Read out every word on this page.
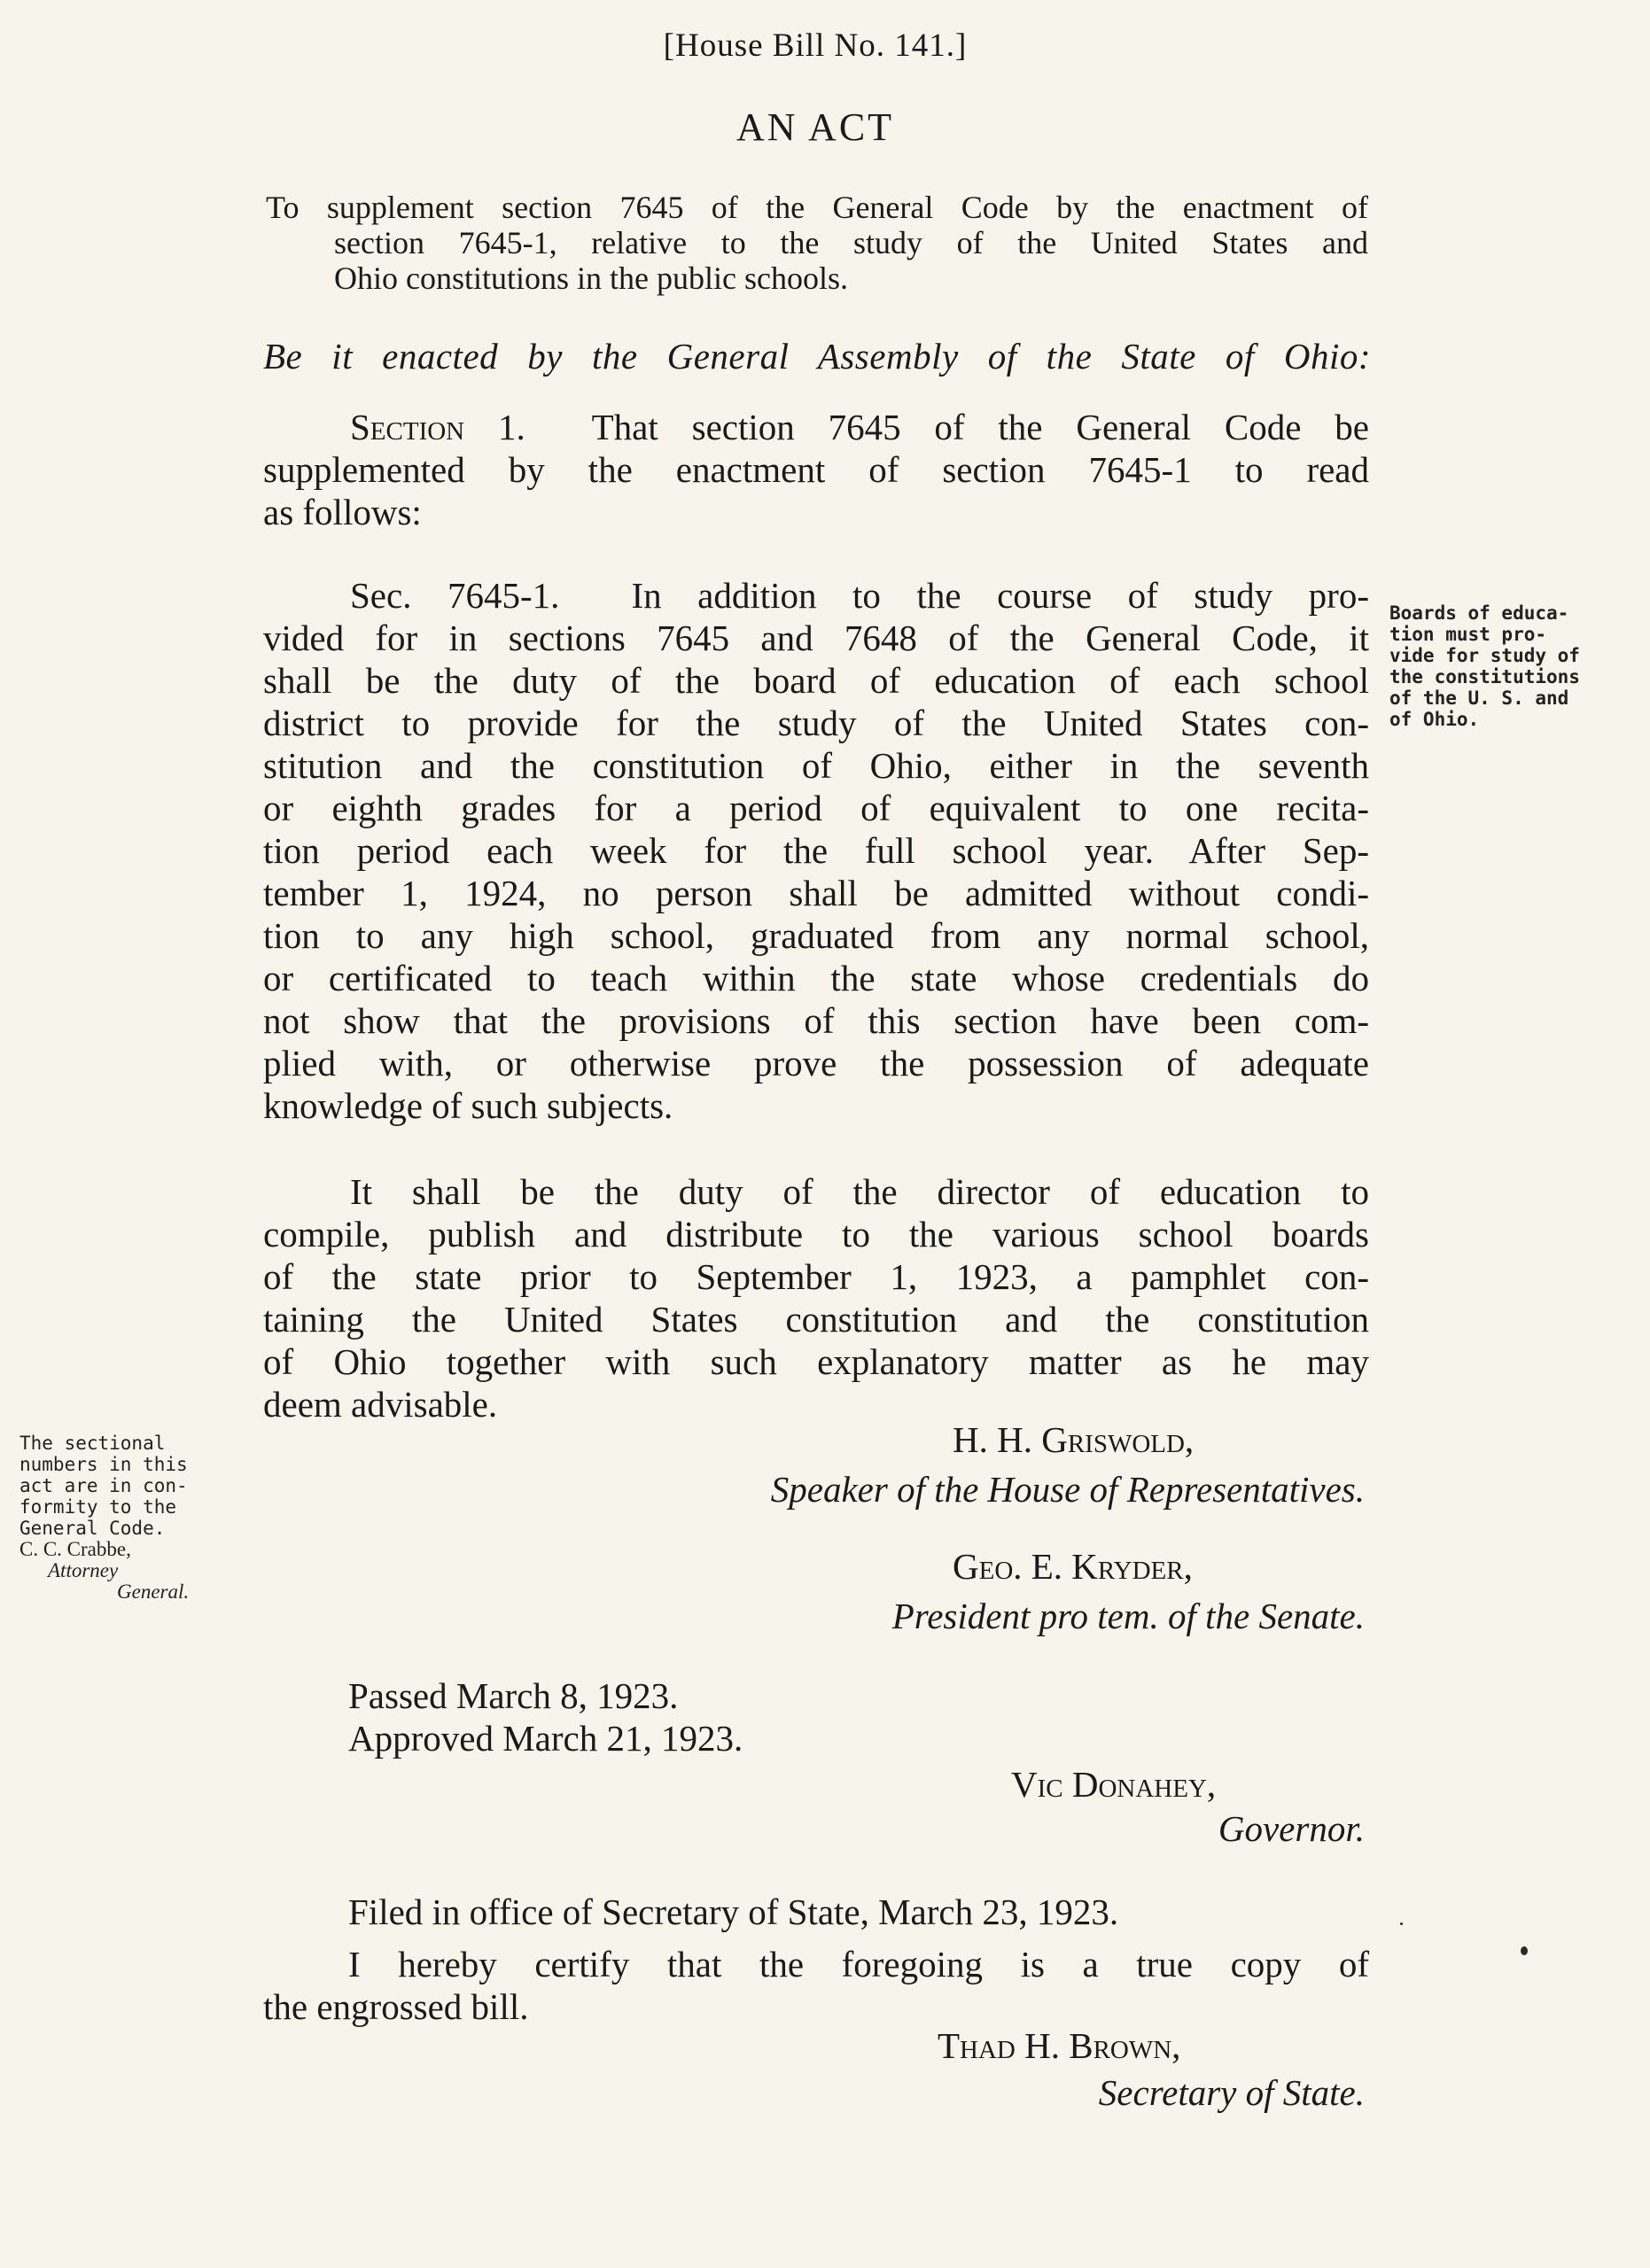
[House Bill No. 141.]
AN ACT
To supplement section 7645 of the General Code by the enactment of
section 7645-1, relative to the study of the United States and
Ohio constitutions in the public schools.
Be it enacted by the General Assembly of the State of Ohio:
Section 1. That section 7645 of the General Code be
supplemented by the enactment of section 7645-1 to read
as follows:
Sec. 7645-1. In addition to the course of study pro-
vided for in sections 7645 and 7648 of the General Code, it
shall be the duty of the board of education of each school
district to provide for the study of the United States con-
stitution and the constitution of Ohio, either in the seventh
or eighth grades for a period of equivalent to one recita-
tion period each week for the full school year. After Sep-
tember 1, 1924, no person shall be admitted without condi-
tion to any high school, graduated from any normal school,
or certificated to teach within the state whose credentials do
not show that the provisions of this section have been com-
plied with, or otherwise prove the possession of adequate
knowledge of such subjects.
It shall be the duty of the director of education to
compile, publish and distribute to the various school boards
of the state prior to September 1, 1923, a pamphlet con-
taining the United States constitution and the constitution
of Ohio together with such explanatory matter as he may
deem advisable.
H. H. Griswold,
Speaker of the House of Representatives.
Geo. E. Kryder,
President pro tem. of the Senate.
Passed March 8, 1923.
Approved March 21, 1923.
Vic Donahey,
Governor.
Filed in office of Secretary of State, March 23, 1923.
I hereby certify that the foregoing is a true copy of
the engrossed bill.
Thad H. Brown,
Secretary of State.
Boards of educa-
tion must pro-
vide for study of
the constitutions
of the U. S. and
of Ohio.
The sectional
numbers in this
act are in con-
formity to the
General Code.
C. C. Crabbe,
Attorney
General.
